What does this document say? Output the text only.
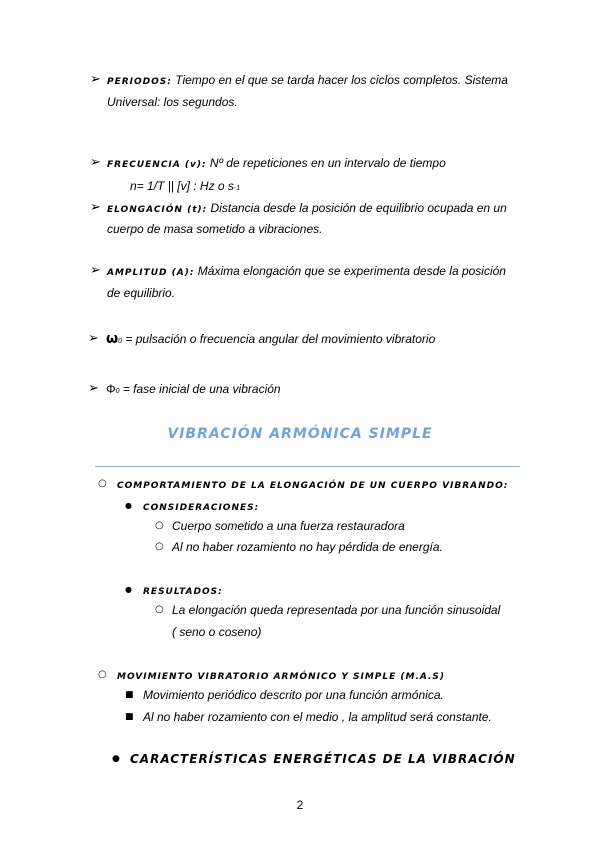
➢ PERIODOS: Tiempo en el que se tarda hacer los ciclos completos. Sistema
Universal: los segundos.
➢ FRECUENCIA (v): Nº de repeticiones en un intervalo de tiempo
n= 1/T || [v] : Hz o s-1
➢ ELONGACIÓN (t): Distancia desde la posición de equilibrio ocupada en un
cuerpo de masa sometido a vibraciones.
➢ AMPLITUD (A): Máxima elongación que se experimenta desde la posición
de equilibrio.
➢ ω0 = pulsación o frecuencia angular del movimiento vibratorio
➢ Φ0 = fase inicial de una vibración
VIBRACIÓN ARMÓNICA SIMPLE
○ COMPORTAMIENTO DE LA ELONGACIÓN DE UN CUERPO VIBRANDO:
● CONSIDERACIONES:
○ Cuerpo sometido a una fuerza restauradora
○ Al no haber rozamiento no hay pérdida de energía.
● RESULTADOS:
○ La elongación queda representada por una función sinusoidal
( seno o coseno)
○ MOVIMIENTO VIBRATORIO ARMÓNICO Y SIMPLE (M.A.S)
■ Movimiento periódico descrito por una función armónica.
■ Al no haber rozamiento con el medio , la amplitud será constante.
● CARACTERÍSTICAS ENERGÉTICAS DE LA VIBRACIÓN
2
